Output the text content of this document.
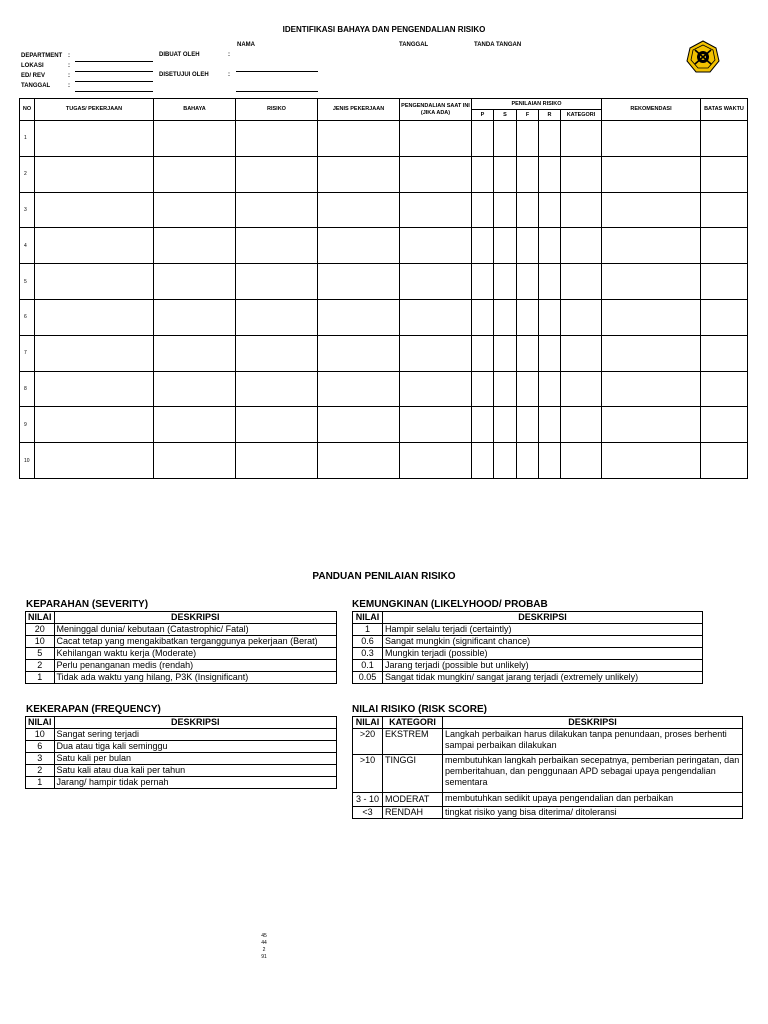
IDENTIFIKASI BAHAYA DAN PENGENDALIAN RISIKO
NAMA	TANGGAL	TANDA TANGAN
DEPARTMENT :
LOKASI	:
ED/ REV	:
TANGGAL	:
DIBUAT OLEH	:
DISETUJUI OLEH	:
NO	TUGAS/ PEKERJAAN	BAHAYA	RISIKO	JENIS PEKERJAAN	PENGENDALIAN SAAT INI (JIKA ADA)	PENILAIAN RISIKO					REKOMENDASI	BATAS WAKTU
						P	S	F	R	KATEGORI		
1												
2												
3												
4												
5												
6												
7												
8												
9												
10												
PANDUAN PENILAIAN RISIKO
KEPARAHAN (SEVERITY)
NILAI	DESKRIPSI
20	Meninggal dunia/ kebutaan (Catastrophic/ Fatal)
10	Cacat tetap yang mengakibatkan terganggunya pekerjaan (Berat)
5	Kehilangan waktu kerja (Moderate)
2	Perlu penanganan medis (rendah)
1	Tidak ada waktu yang hilang, P3K (Insignificant)
KEMUNGKINAN (LIKELYHOOD/ PROBAB
NILAI	DESKRIPSI
1	Hampir selalu terjadi (certaintly)
0.6	Sangat mungkin (significant chance)
0.3	Mungkin terjadi (possible)
0.1	Jarang terjadi (possible but unlikely)
0.05	Sangat tidak mungkin/ sangat jarang terjadi (extremely unlikely)
KEKERAPAN (FREQUENCY)
NILAI	DESKRIPSI
10	Sangat sering terjadi
6	Dua atau tiga kali seminggu
3	Satu kali per bulan
2	Satu kali atau dua kali per tahun
1	Jarang/ hampir tidak pernah
NILAI RISIKO (RISK SCORE)
NILAI	KATEGORI	DESKRIPSI
>20	EKSTREM	Langkah perbaikan harus dilakukan tanpa penundaan, proses berhenti sampai perbaikan dilakukan
>10	TINGGI	membutuhkan langkah perbaikan secepatnya, pemberian peringatan, dan pemberitahuan, dan penggunaan APD sebagai upaya pengendalian sementara
3 - 10	MODERAT	membutuhkan sedikit upaya pengendalian dan perbaikan
<3	RENDAH	tingkat risiko yang bisa diterima/ ditoleransi
45
44
2
91
